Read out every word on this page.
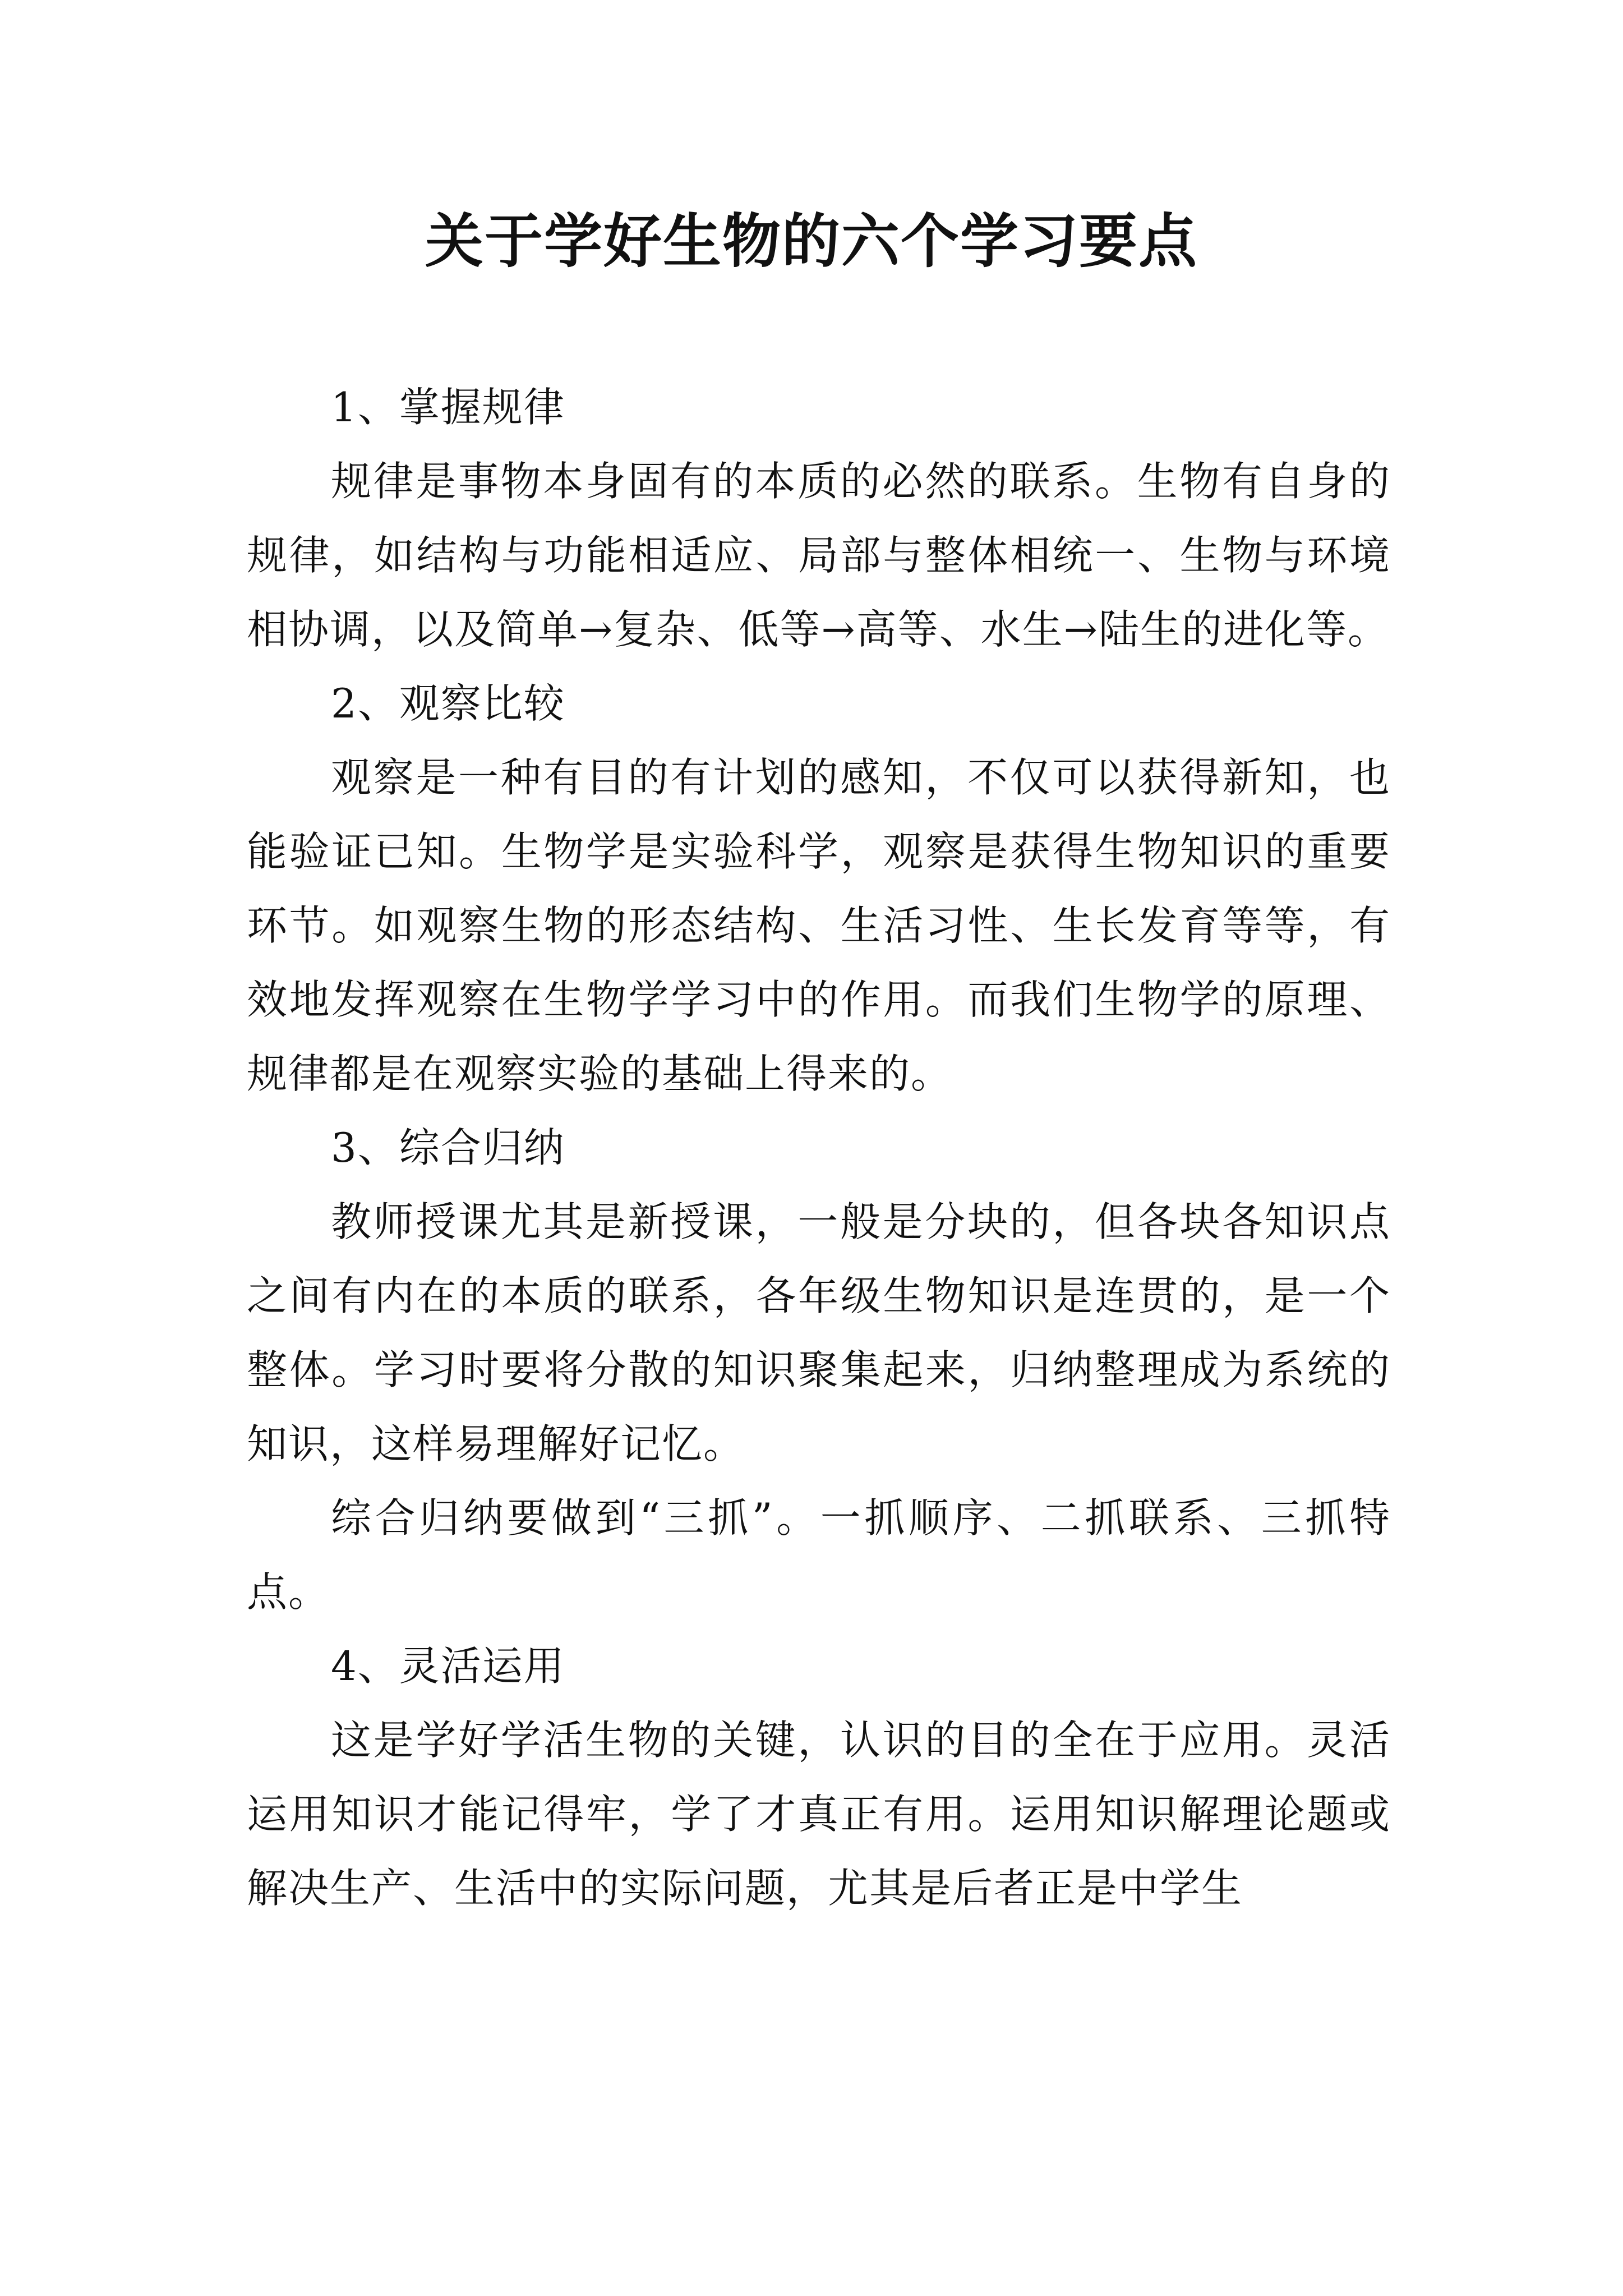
关于学好生物的六个学习要点

1、掌握规律

规律是事物本身固有的本质的必然的联系。生物有自身的规律，如结构与功能相适应、局部与整体相统一、生物与环境相协调，以及简单→复杂、低等→高等、水生→陆生的进化等。

2、观察比较

观察是一种有目的有计划的感知，不仅可以获得新知，也能验证已知。生物学是实验科学，观察是获得生物知识的重要环节。如观察生物的形态结构、生活习性、生长发育等等，有效地发挥观察在生物学学习中的作用。而我们生物学的原理、规律都是在观察实验的基础上得来的。

3、综合归纳

教师授课尤其是新授课，一般是分块的，但各块各知识点之间有内在的本质的联系，各年级生物知识是连贯的，是一个整体。学习时要将分散的知识聚集起来，归纳整理成为系统的知识，这样易理解好记忆。

综合归纳要做到“三抓”。一抓顺序、二抓联系、三抓特点。

4、灵活运用

这是学好学活生物的关键，认识的目的全在于应用。灵活运用知识才能记得牢，学了才真正有用。运用知识解理论题或解决生产、生活中的实际问题，尤其是后者正是中学生
